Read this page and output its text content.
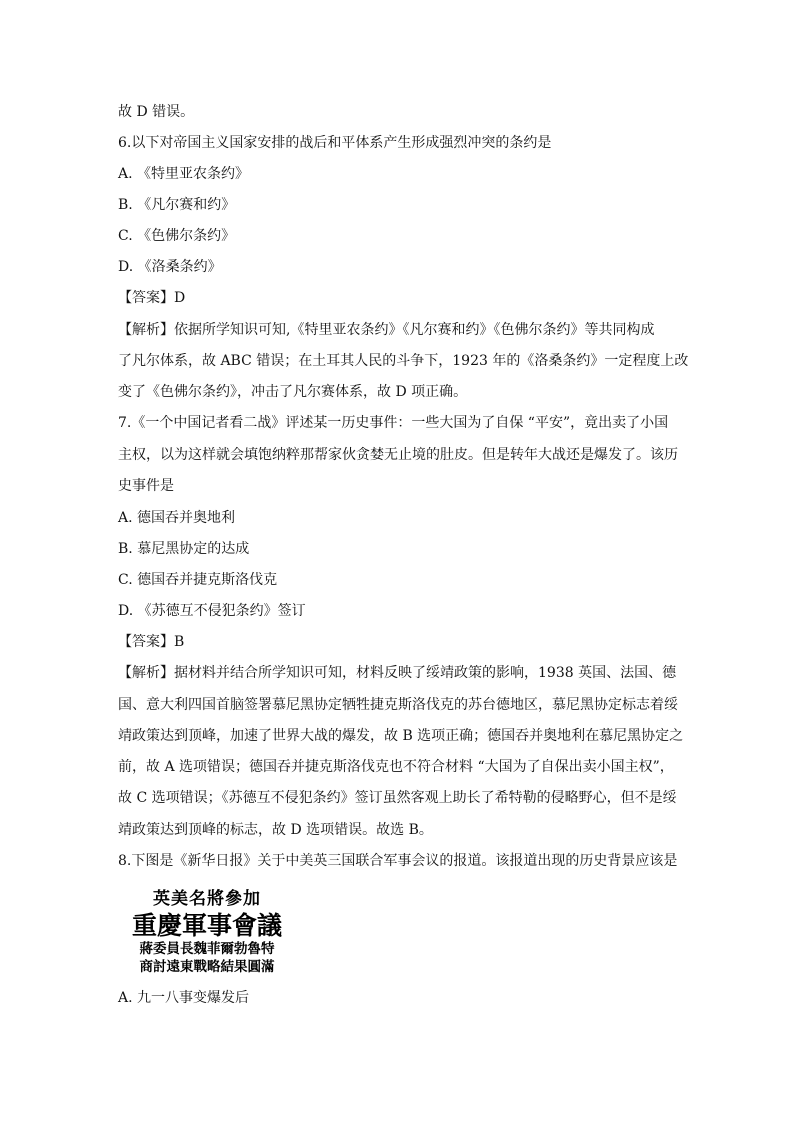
故 D 错误。
6.以下对帝国主义国家安排的战后和平体系产生形成强烈冲突的条约是
A. 《特里亚农条约》
B. 《凡尔赛和约》
C. 《色佛尔条约》
D. 《洛桑条约》
【答案】D
【解析】依据所学知识可知,《特里亚农条约》《凡尔赛和约》《色佛尔条约》等共同构成
了凡尔体系，故 ABC 错误；在土耳其人民的斗争下，1923 年的《洛桑条约》一定程度上改
变了《色佛尔条约》，冲击了凡尔赛体系，故 D 项正确。
7.《一个中国记者看二战》评述某一历史事件：一些大国为了自保 “平安”，竟出卖了小国
主权，以为这样就会填饱纳粹那帮家伙贪婪无止境的肚皮。但是转年大战还是爆发了。该历
史事件是
A. 德国吞并奥地利
B. 慕尼黑协定的达成
C. 德国吞并捷克斯洛伐克
D. 《苏德互不侵犯条约》签订
【答案】B
【解析】据材料并结合所学知识可知，材料反映了绥靖政策的影响，1938 英国、法国、德
国、意大利四国首脑签署慕尼黑协定牺牲捷克斯洛伐克的苏台德地区，慕尼黑协定标志着绥
靖政策达到顶峰，加速了世界大战的爆发，故 B 选项正确；德国吞并奥地利在慕尼黑协定之
前，故 A 选项错误；德国吞并捷克斯洛伐克也不符合材料 “大国为了自保出卖小国主权”，
故 C 选项错误；《苏德互不侵犯条约》签订虽然客观上助长了希特勒的侵略野心，但不是绥
靖政策达到顶峰的标志，故 D 选项错误。故选 B。
8.下图是《新华日报》关于中美英三国联合军事会议的报道。该报道出现的历史背景应该是
英美名將參加
重慶軍事會議
蔣委員長魏菲爾勃魯特
商討遠東戰略結果圓滿
A. 九一八事变爆发后
